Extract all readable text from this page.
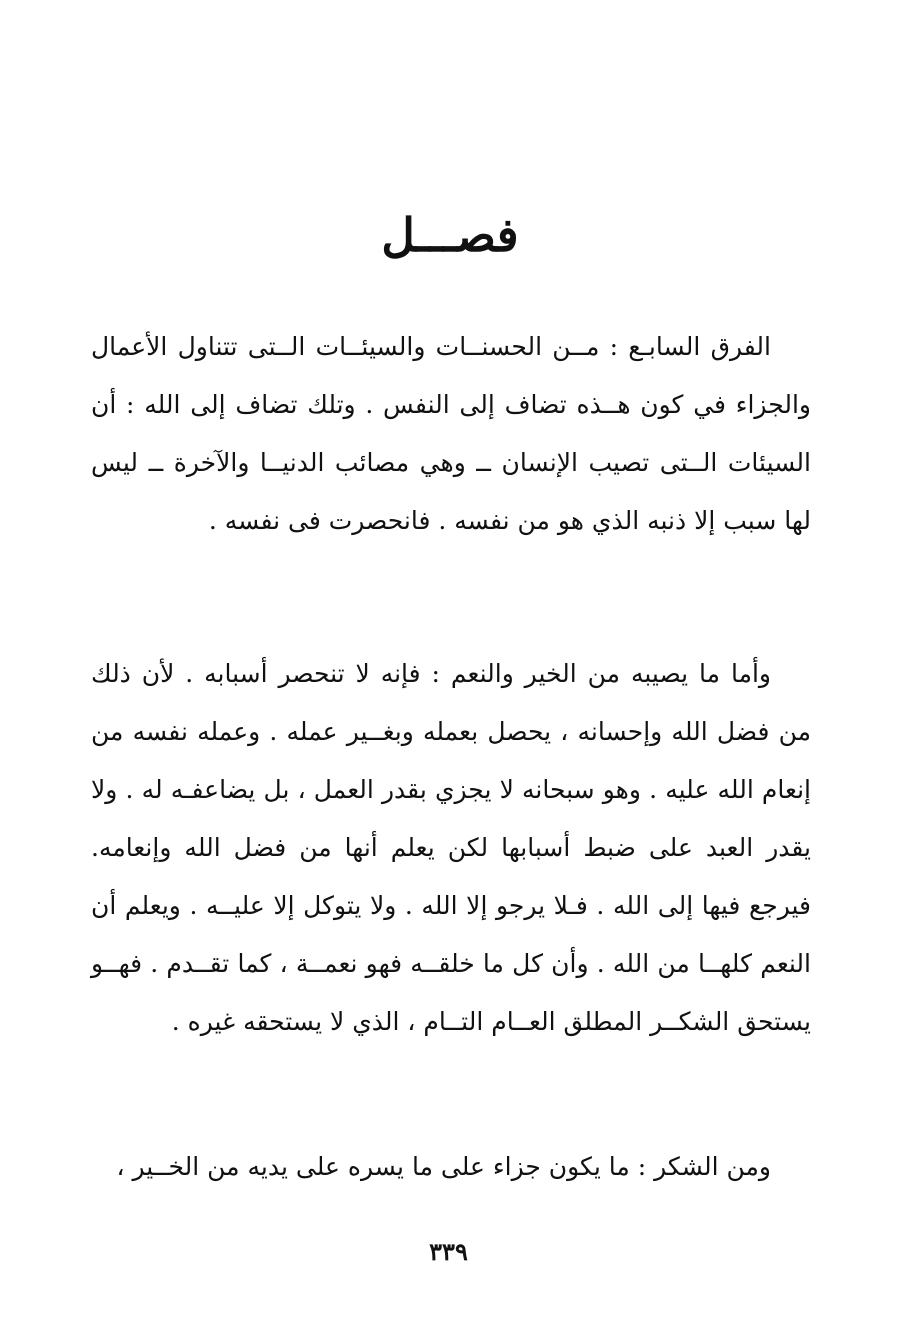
فصـــل
الفرق السابـع : مــن الحسنــات والسيئــات الــتى تتناول الأعمال والجزاء في كون هــذه تضاف إلى النفس . وتلك تضاف إلى الله : أن السيئات الــتى تصيب الإنسان ــ وهي مصائب الدنيــا والآخرة ــ ليس لها سبب إلا ذنبه الذي هو من نفسه . فانحصرت فى نفسه .
وأما ما يصيبه من الخير والنعم : فإنه لا تنحصر أسبابه . لأن ذلك من فضل الله وإحسانه ، يحصل بعمله وبغــير عمله . وعمله نفسه من إنعام الله عليه . وهو سبحانه لا يجزي بقدر العمل ، بل يضاعفـه له . ولا يقدر العبد على ضبط أسبابها لكن يعلم أنها من فضل الله وإنعامه. فيرجع فيها إلى الله . فـلا يرجو إلا الله . ولا يتوكل إلا عليــه . ويعلم أن النعم كلهــا من الله . وأن كل ما خلقــه فهو نعمــة ، كما تقــدم . فهــو يستحق الشكــر المطلق العــام التــام ، الذي لا يستحقه غيره .
ومن الشكر : ما يكون جزاء على ما يسره على يديه من الخــير ،
٣٣٩
